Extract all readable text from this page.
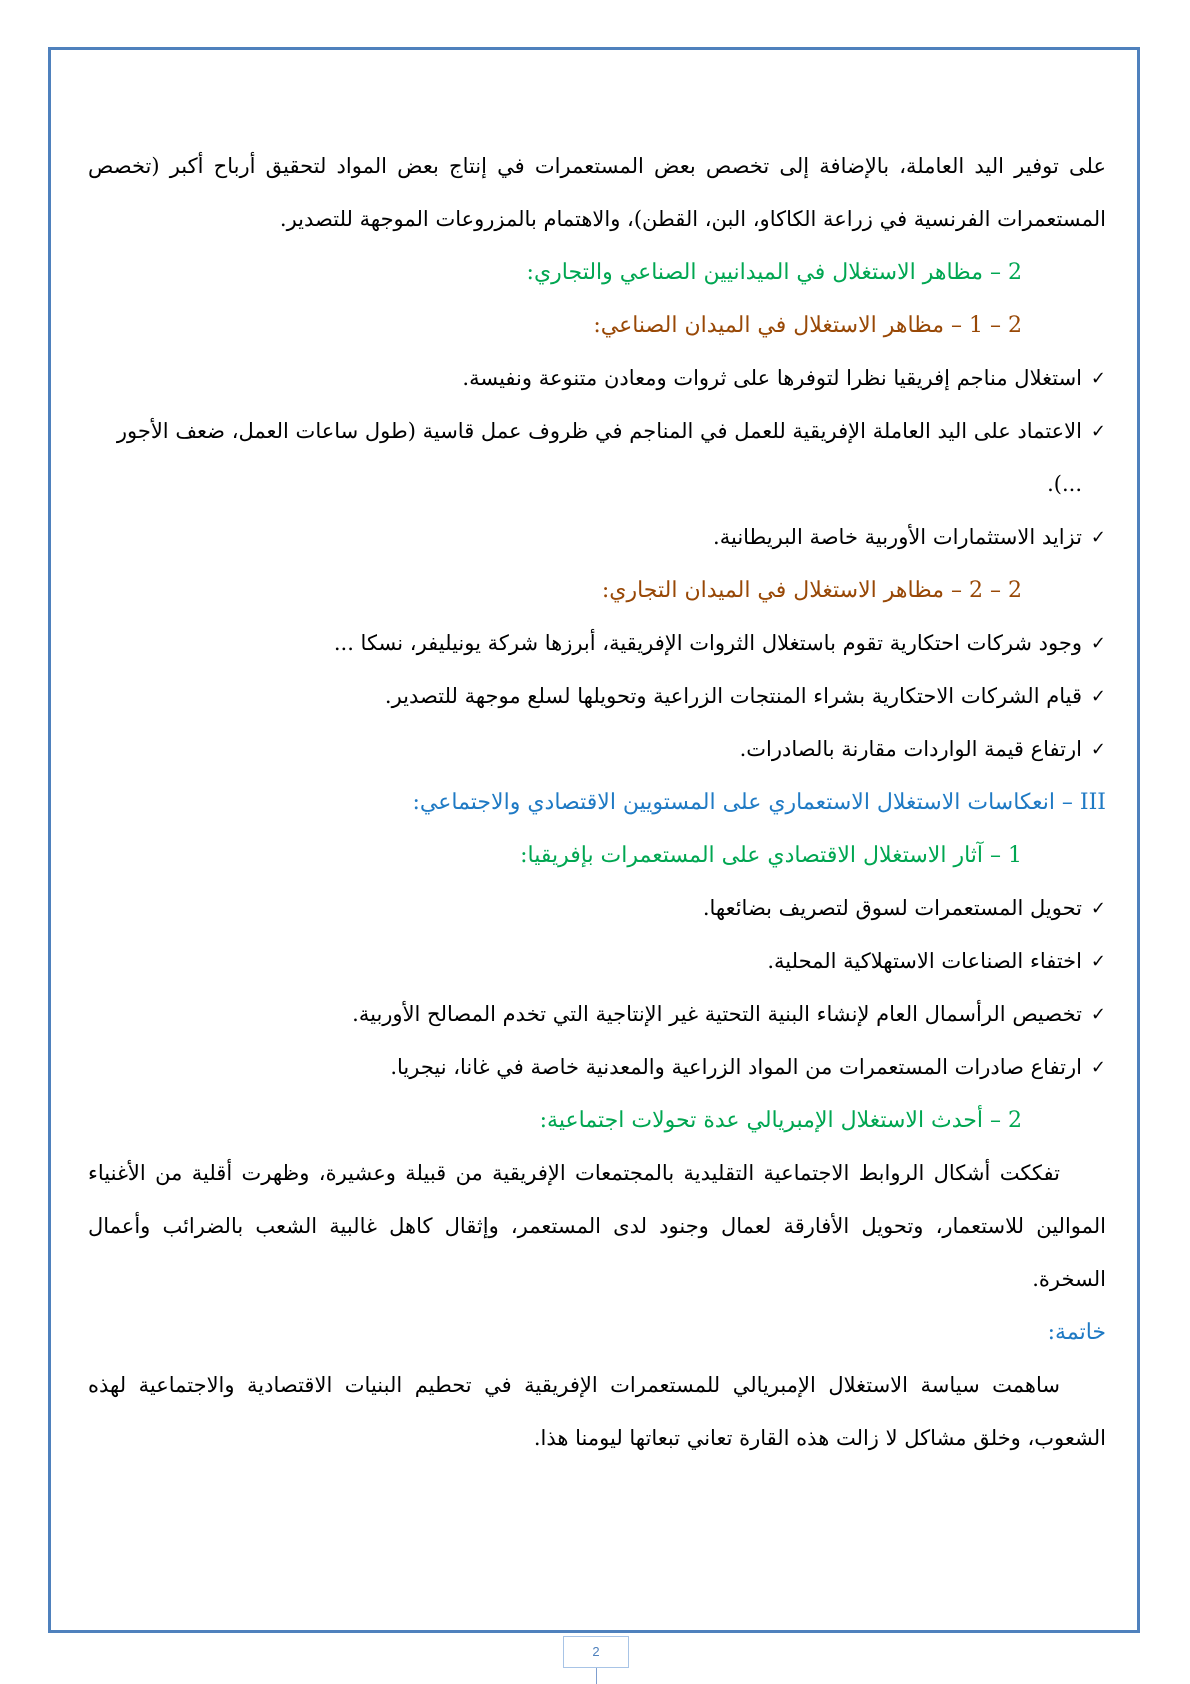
على توفير اليد العاملة، بالإضافة إلى تخصص بعض المستعمرات في إنتاج بعض المواد لتحقيق أرباح أكبر (تخصص المستعمرات الفرنسية في زراعة الكاكاو، البن، القطن)، والاهتمام بالمزروعات الموجهة للتصدير.

2 – مظاهر الاستغلال في الميدانيين الصناعي والتجاري:

2 – 1 – مظاهر الاستغلال في الميدان الصناعي:

✓
استغلال مناجم إفريقيا نظرا لتوفرها على ثروات ومعادن متنوعة ونفيسة.
✓
الاعتماد على اليد العاملة الإفريقية للعمل في المناجم في ظروف عمل قاسية (طول ساعات العمل، ضعف الأجور ...).
✓
تزايد الاستثمارات الأوربية خاصة البريطانية.

2 – 2 – مظاهر الاستغلال في الميدان التجاري:

✓
وجود شركات احتكارية تقوم باستغلال الثروات الإفريقية، أبرزها شركة يونيليفر، نسكا ...
✓
قيام الشركات الاحتكارية بشراء المنتجات الزراعية وتحويلها لسلع موجهة للتصدير.
✓
ارتفاع قيمة الواردات مقارنة بالصادرات.

III – انعكاسات الاستغلال الاستعماري على المستويين الاقتصادي والاجتماعي:

1 – آثار الاستغلال الاقتصادي على المستعمرات بإفريقيا:

✓
تحويل المستعمرات لسوق لتصريف بضائعها.
✓
اختفاء الصناعات الاستهلاكية المحلية.
✓
تخصيص الرأسمال العام لإنشاء البنية التحتية غير الإنتاجية التي تخدم المصالح الأوربية.
✓
ارتفاع صادرات المستعمرات من المواد الزراعية والمعدنية خاصة في غانا، نيجريا.

2 – أحدث الاستغلال الإمبريالي عدة تحولات اجتماعية:

تفككت أشكال الروابط الاجتماعية التقليدية بالمجتمعات الإفريقية من قبيلة وعشيرة، وظهرت أقلية من الأغنياء الموالين للاستعمار، وتحويل الأفارقة لعمال وجنود لدى المستعمر، وإثقال كاهل غالبية الشعب بالضرائب وأعمال السخرة.

خاتمة:

ساهمت سياسة الاستغلال الإمبريالي للمستعمرات الإفريقية في تحطيم البنيات الاقتصادية والاجتماعية لهذه الشعوب، وخلق مشاكل لا زالت هذه القارة تعاني تبعاتها ليومنا هذا.

2
